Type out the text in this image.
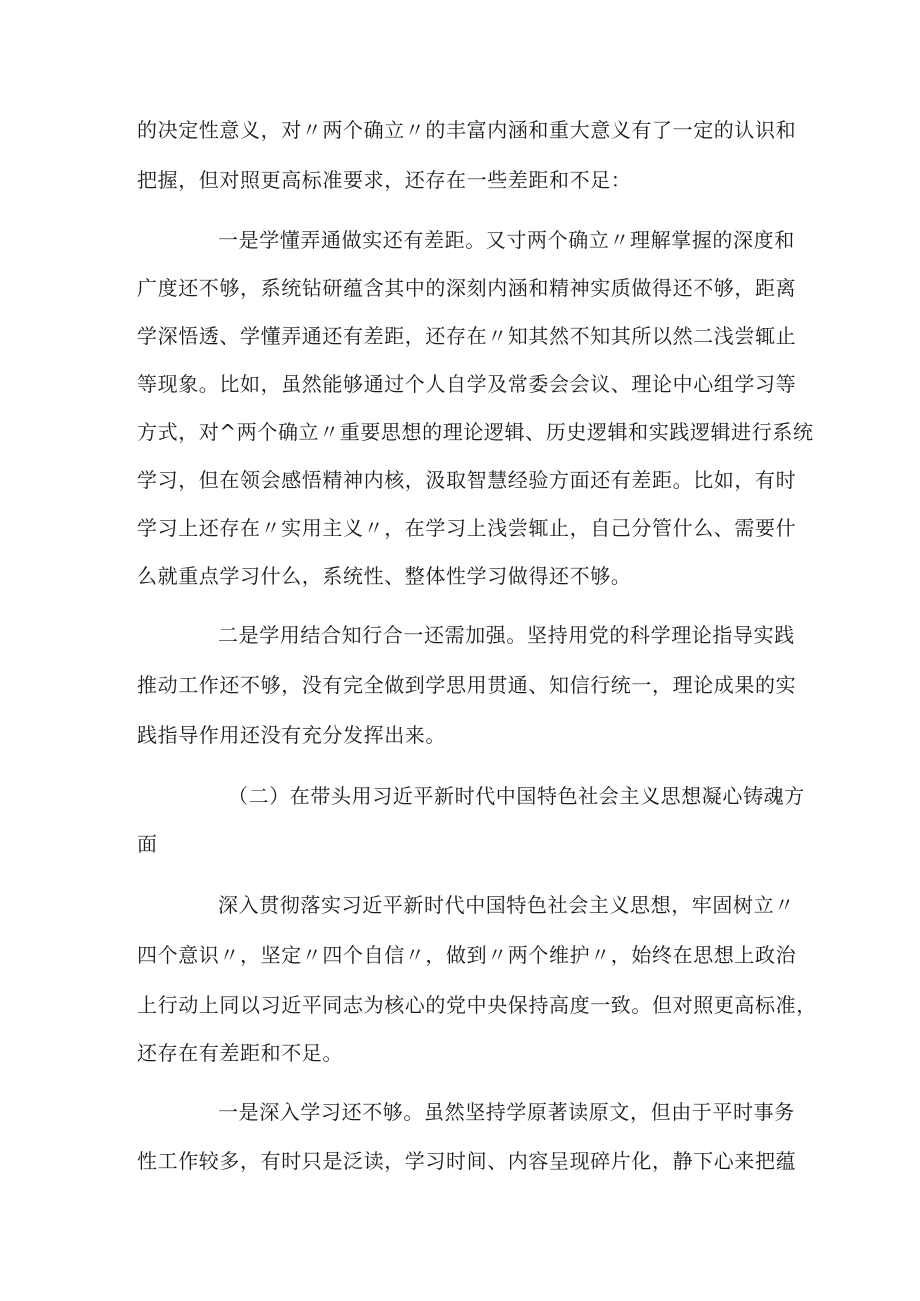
的决定性意义，对〃两个确立〃的丰富内涵和重大意义有了一定的认识和
把握，但对照更高标准要求，还存在一些差距和不足：
一是学懂弄通做实还有差距。又寸两个确立〃理解掌握的深度和
广度还不够，系统钻研蕴含其中的深刻内涵和精神实质做得还不够，距离
学深悟透、学懂弄通还有差距，还存在〃知其然不知其所以然二浅尝辄止
等现象。比如，虽然能够通过个人自学及常委会会议、理论中心组学习等
方式，对^两个确立〃重要思想的理论逻辑、历史逻辑和实践逻辑进行系统
学习，但在领会感悟精神内核，汲取智慧经验方面还有差距。比如，有时
学习上还存在〃实用主义〃，在学习上浅尝辄止，自己分管什么、需要什
么就重点学习什么，系统性、整体性学习做得还不够。
二是学用结合知行合一还需加强。坚持用党的科学理论指导实践
推动工作还不够，没有完全做到学思用贯通、知信行统一，理论成果的实
践指导作用还没有充分发挥出来。
（二）在带头用习近平新时代中国特色社会主义思想凝心铸魂方
面
深入贯彻落实习近平新时代中国特色社会主义思想，牢固树立〃
四个意识〃，坚定〃四个自信〃，做到〃两个维护〃，始终在思想上政治
上行动上同以习近平同志为核心的党中央保持高度一致。但对照更高标准，
还存在有差距和不足。
一是深入学习还不够。虽然坚持学原著读原文，但由于平时事务
性工作较多，有时只是泛读，学习时间、内容呈现碎片化，静下心来把蕴
